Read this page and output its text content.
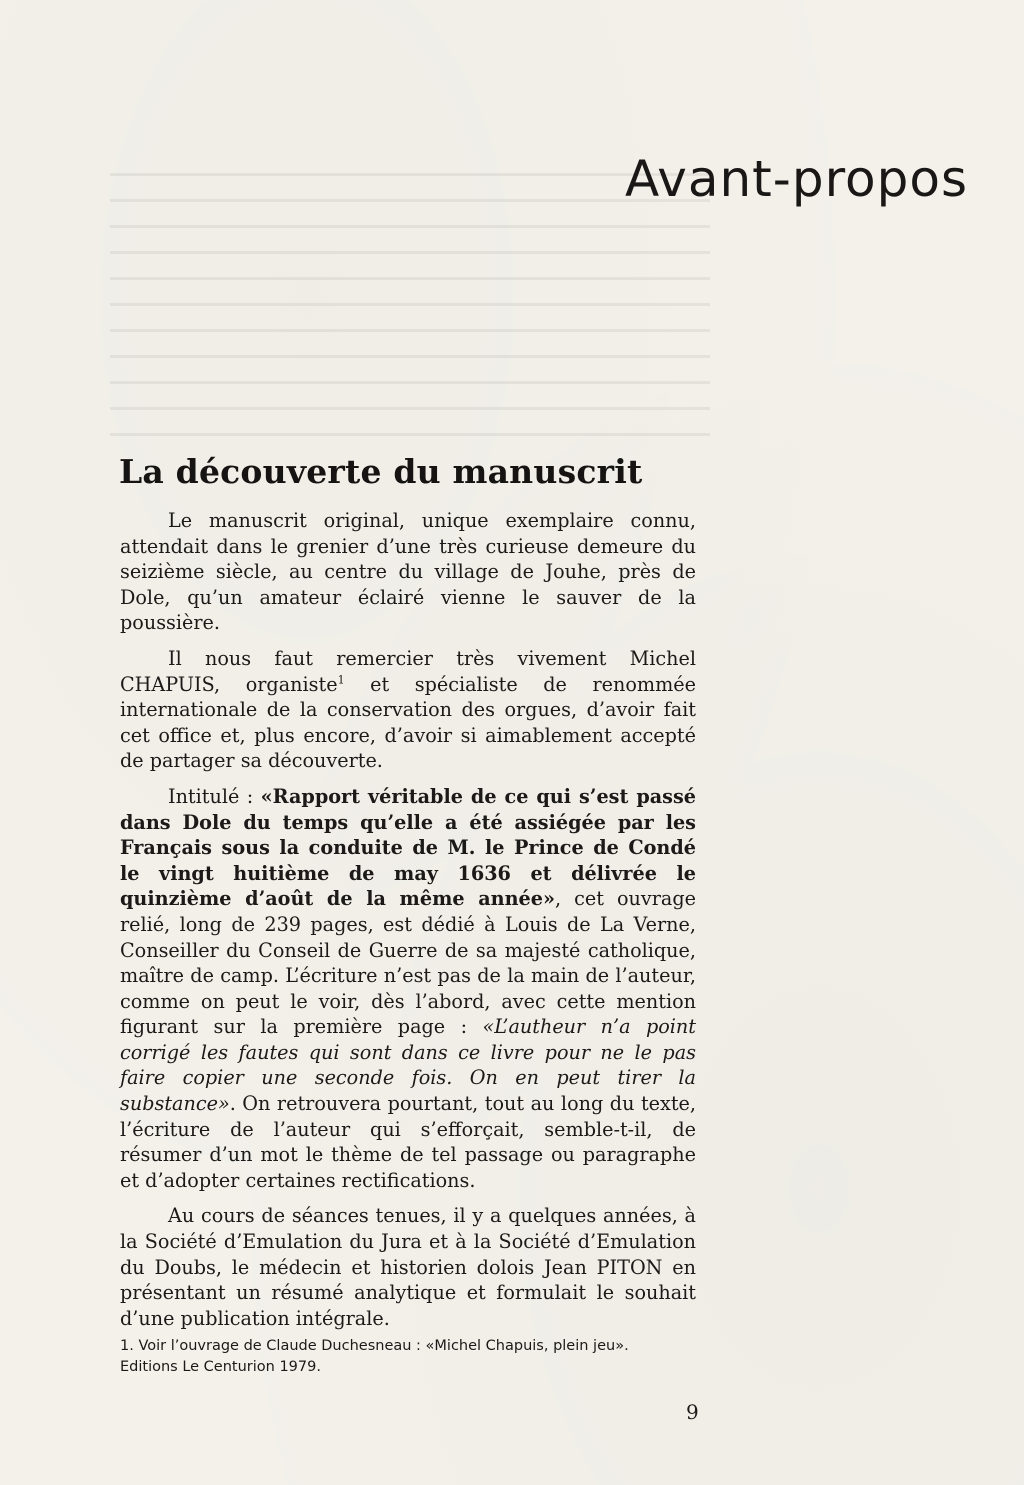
Avant-propos
La découverte du manuscrit

Le manuscrit original, unique exemplaire connu, attendait dans le grenier d’une très curieuse demeure du seizième siècle, au centre du village de Jouhe, près de Dole, qu’un amateur éclairé vienne le sauver de la poussière.

Il nous faut remercier très vivement Michel CHAPUIS, organiste$^1$ et spécialiste de renommée internationale de la conservation des orgues, d’avoir fait cet office et, plus encore, d’avoir si aimablement accepté de partager sa découverte.

Intitulé : «Rapport véritable de ce qui s’est passé dans Dole du temps qu’elle a été assiégée par les Français sous la conduite de M. le Prince de Condé le vingt huitième de may 1636 et délivrée le quinzième d’août de la même année», cet ouvrage relié, long de 239 pages, est dédié à Louis de La Verne, Conseiller du Conseil de Guerre de sa majesté catholique, maître de camp. L’écriture n’est pas de la main de l’auteur, comme on peut le voir, dès l’abord, avec cette mention figurant sur la première page : «L’autheur n’a point corrigé les fautes qui sont dans ce livre pour ne le pas faire copier une seconde fois. On en peut tirer la substance». On retrouvera pourtant, tout au long du texte, l’écriture de l’auteur qui s’efforçait, semble-t-il, de résumer d’un mot le thème de tel passage ou paragraphe et d’adopter certaines rectifications.

Au cours de séances tenues, il y a quelques années, à la Société d’Emulation du Jura et à la Société d’Emulation du Doubs, le médecin et historien dolois Jean PITON en présentant un résumé analytique et formulait le souhait d’une publication intégrale.

1. Voir l’ouvrage de Claude Duchesneau : «Michel Chapuis, plein jeu».
Editions Le Centurion 1979.
9
